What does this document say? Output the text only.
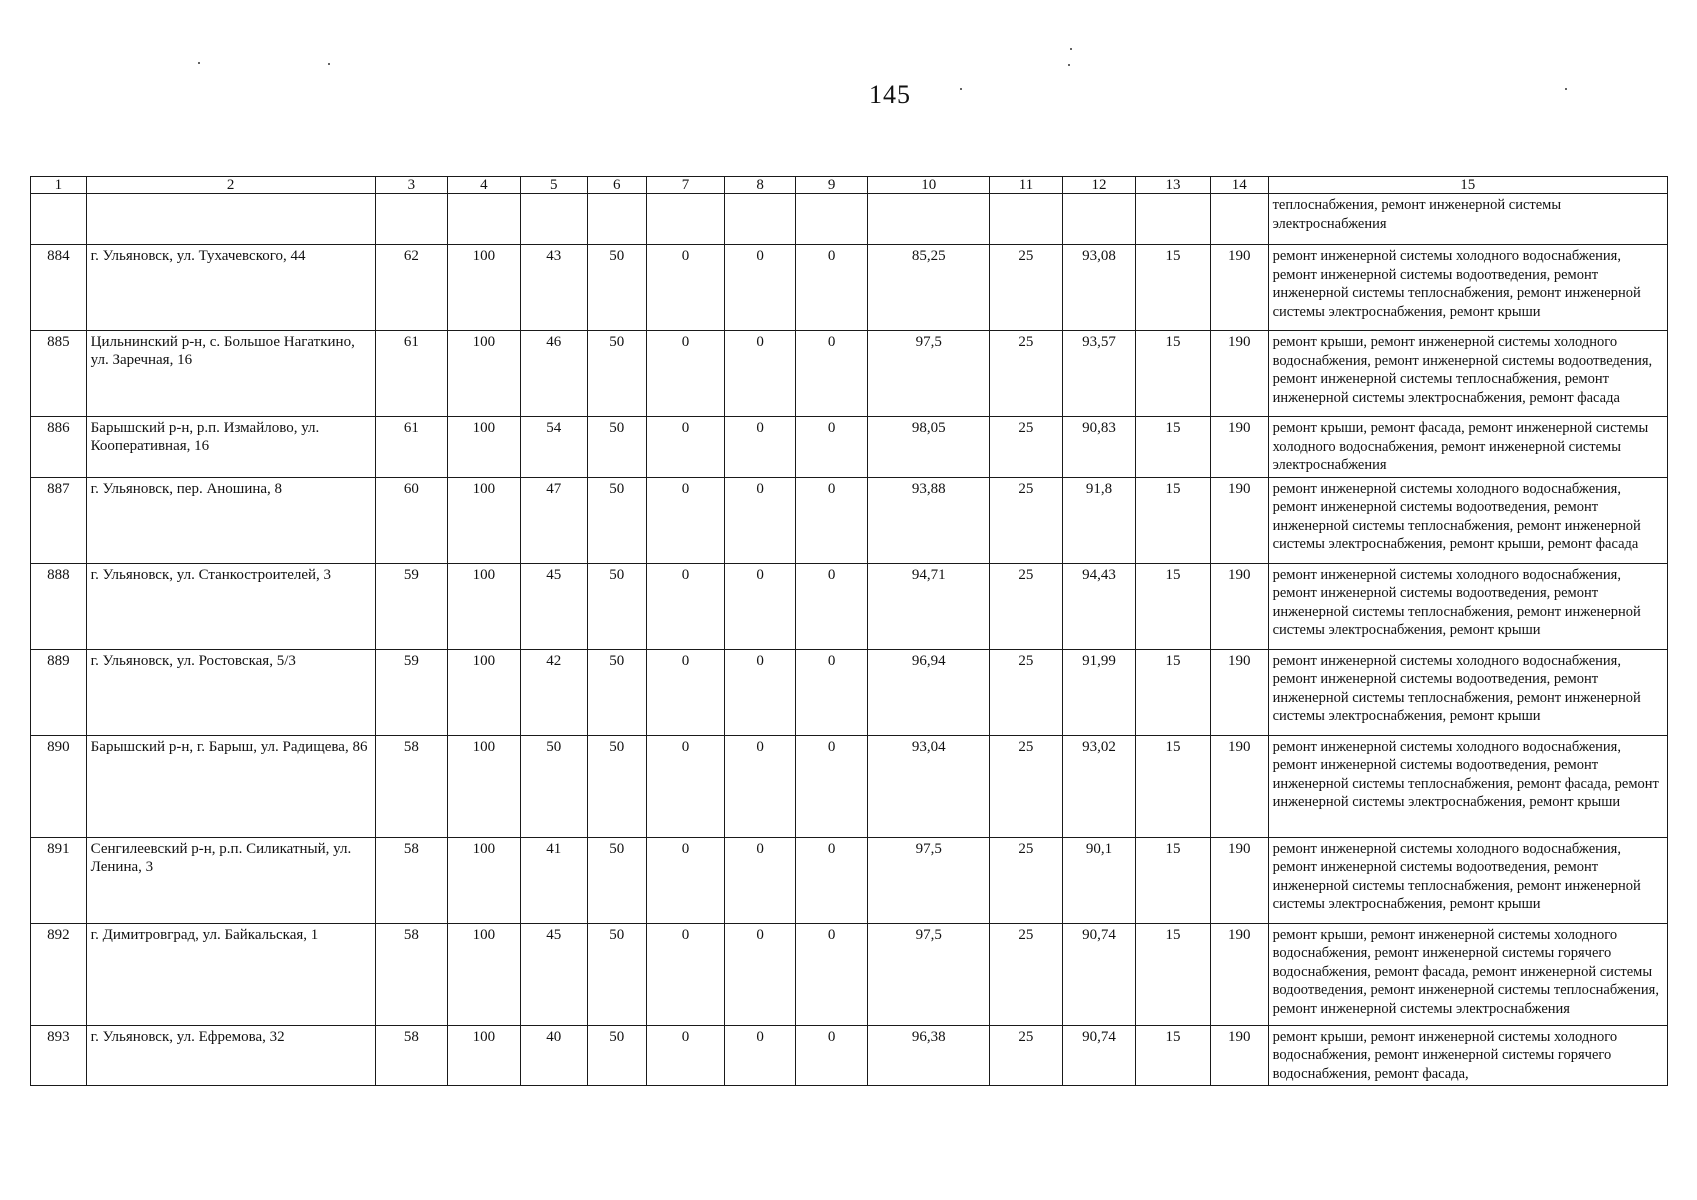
145
1	2	3	4	5	6	7	8	9	10	11	12	13	14	15
														теплоснабжения, ремонт инженерной системы электроснабжения
884	г. Ульяновск, ул. Тухачевского, 44	62	100	43	50	0	0	0	85,25	25	93,08	15	190	ремонт инженерной системы холодного водоснабжения, ремонт инженерной системы водоотведения, ремонт инженерной системы теплоснабжения, ремонт инженерной системы электроснабжения, ремонт крыши
885	Цильнинский р-н, с. Большое Нагаткино, ул. Заречная, 16	61	100	46	50	0	0	0	97,5	25	93,57	15	190	ремонт крыши, ремонт инженерной системы холодного водоснабжения, ремонт инженерной системы водоотведения, ремонт инженерной системы теплоснабжения, ремонт инженерной системы электроснабжения, ремонт фасада
886	Барышский р-н, р.п. Измайлово, ул. Кооперативная, 16	61	100	54	50	0	0	0	98,05	25	90,83	15	190	ремонт крыши, ремонт фасада, ремонт инженерной системы холодного водоснабжения, ремонт инженерной системы электроснабжения
887	г. Ульяновск, пер. Аношина, 8	60	100	47	50	0	0	0	93,88	25	91,8	15	190	ремонт инженерной системы холодного водоснабжения, ремонт инженерной системы водоотведения, ремонт инженерной системы теплоснабжения, ремонт инженерной системы электроснабжения, ремонт крыши, ремонт фасада
888	г. Ульяновск, ул. Станкостроителей, 3	59	100	45	50	0	0	0	94,71	25	94,43	15	190	ремонт инженерной системы холодного водоснабжения, ремонт инженерной системы водоотведения, ремонт инженерной системы теплоснабжения, ремонт инженерной системы электроснабжения, ремонт крыши
889	г. Ульяновск, ул. Ростовская, 5/3	59	100	42	50	0	0	0	96,94	25	91,99	15	190	ремонт инженерной системы холодного водоснабжения, ремонт инженерной системы водоотведения, ремонт инженерной системы теплоснабжения, ремонт инженерной системы электроснабжения, ремонт крыши
890	Барышский р-н, г. Барыш, ул. Радищева, 86	58	100	50	50	0	0	0	93,04	25	93,02	15	190	ремонт инженерной системы холодного водоснабжения, ремонт инженерной системы водоотведения, ремонт инженерной системы теплоснабжения, ремонт фасада, ремонт инженерной системы электроснабжения, ремонт крыши
891	Сенгилеевский р-н, р.п. Силикатный, ул. Ленина, 3	58	100	41	50	0	0	0	97,5	25	90,1	15	190	ремонт инженерной системы холодного водоснабжения, ремонт инженерной системы водоотведения, ремонт инженерной системы теплоснабжения, ремонт инженерной системы электроснабжения, ремонт крыши
892	г. Димитровград, ул. Байкальская, 1	58	100	45	50	0	0	0	97,5	25	90,74	15	190	ремонт крыши, ремонт инженерной системы холодного водоснабжения, ремонт инженерной системы горячего водоснабжения, ремонт фасада, ремонт инженерной системы водоотведения, ремонт инженерной системы теплоснабжения, ремонт инженерной системы электроснабжения
893	г. Ульяновск, ул. Ефремова, 32	58	100	40	50	0	0	0	96,38	25	90,74	15	190	ремонт крыши, ремонт инженерной системы холодного водоснабжения, ремонт инженерной системы горячего водоснабжения, ремонт фасада,
